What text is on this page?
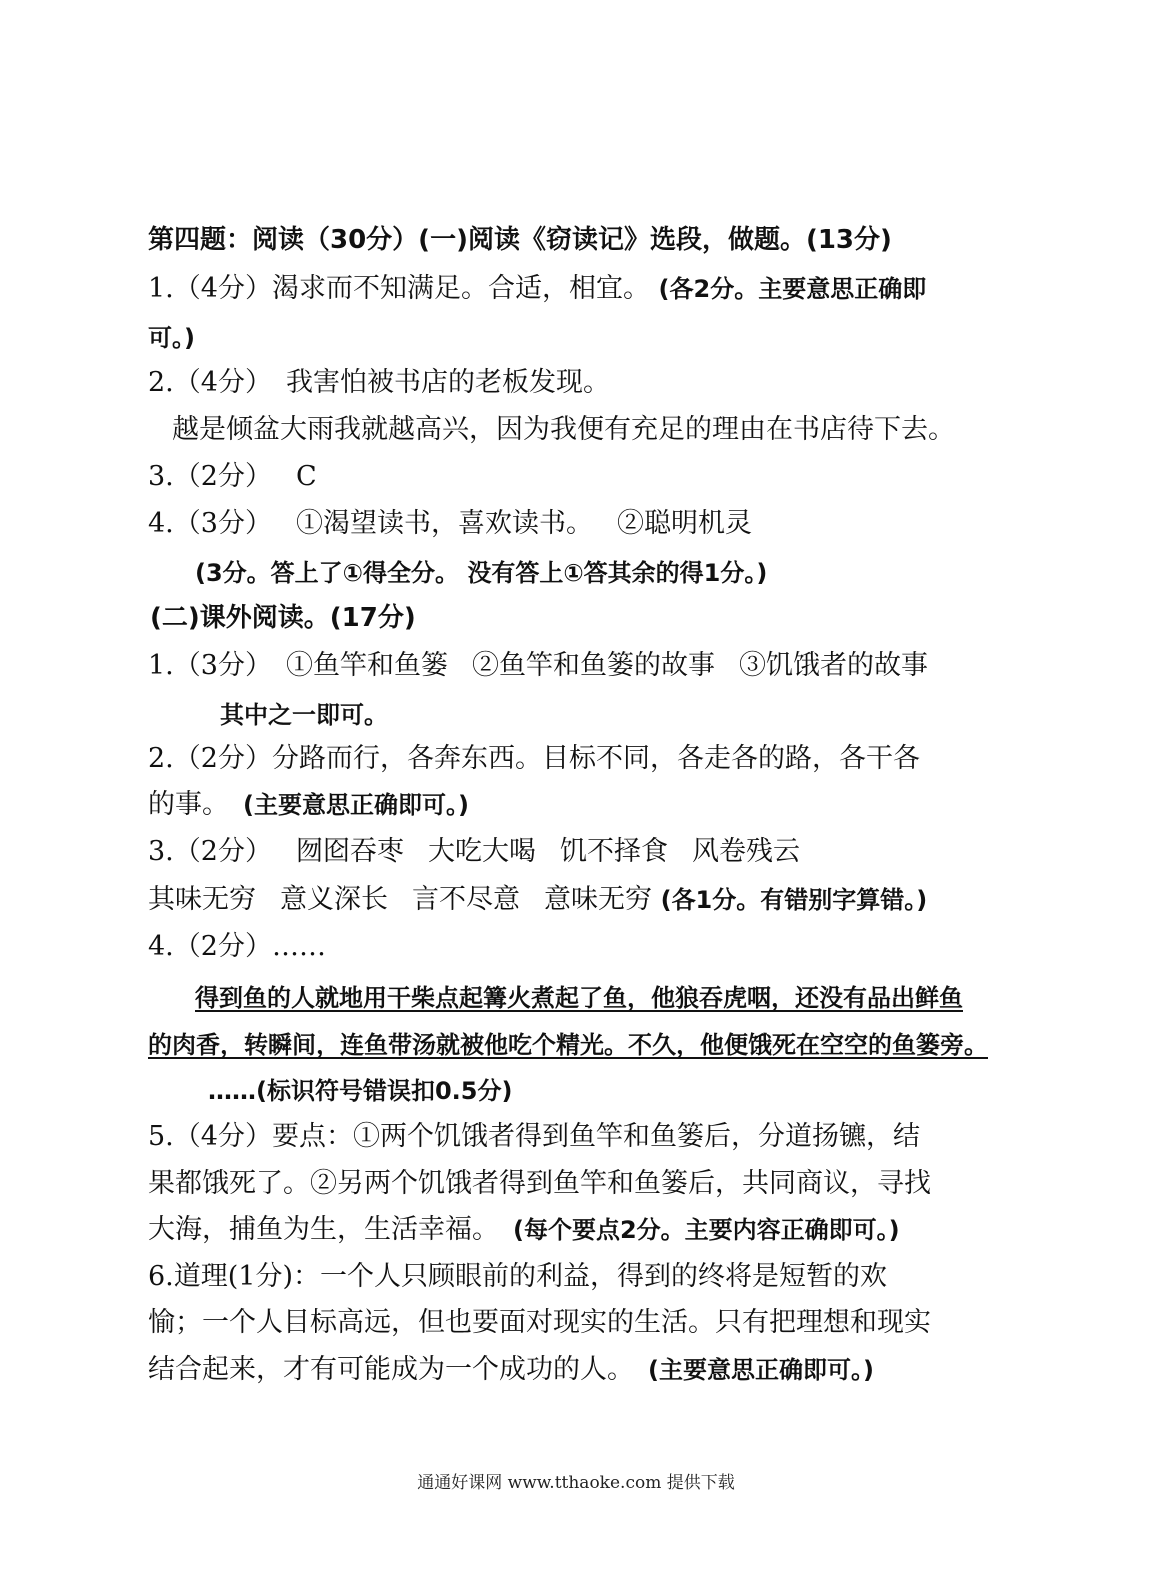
第四题：阅读（30分）(一)阅读《窃读记》选段，做题。(13分)
1.（4分）渴求而不知满足。合适，相宜。 (各2分。主要意思正确即
可。)
2.（4分） 我害怕被书店的老板发现。
越是倾盆大雨我就越高兴，因为我便有充足的理由在书店待下去。
3.（2分） C
4.（3分） ①渴望读书，喜欢读书。 ②聪明机灵
(3分。答上了①得全分。 没有答上①答其余的得1分。)
(二)课外阅读。(17分)
1.（3分） ①鱼竿和鱼篓 ②鱼竿和鱼篓的故事 ③饥饿者的故事
其中之一即可。
2.（2分）分路而行，各奔东西。目标不同，各走各的路，各干各
的事。 (主要意思正确即可。)
3.（2分） 囫囵吞枣 大吃大喝 饥不择食 风卷残云
其味无穷 意义深长 言不尽意 意味无穷 (各1分。有错别字算错。)
4.（2分）……
得到鱼的人就地用干柴点起篝火煮起了鱼，他狼吞虎咽，还没有品出鲜鱼
的肉香，转瞬间，连鱼带汤就被他吃个精光。不久，他便饿死在空空的鱼篓旁。
……(标识符号错误扣0.5分)
5.（4分）要点：①两个饥饿者得到鱼竿和鱼篓后，分道扬镳，结
果都饿死了。②另两个饥饿者得到鱼竿和鱼篓后，共同商议，寻找
大海，捕鱼为生，生活幸福。 (每个要点2分。主要内容正确即可。)
6.道理(1分)：一个人只顾眼前的利益，得到的终将是短暂的欢
愉；一个人目标高远，但也要面对现实的生活。只有把理想和现实
结合起来，才有可能成为一个成功的人。 (主要意思正确即可。)
通通好课网 www.tthaoke.com 提供下载
